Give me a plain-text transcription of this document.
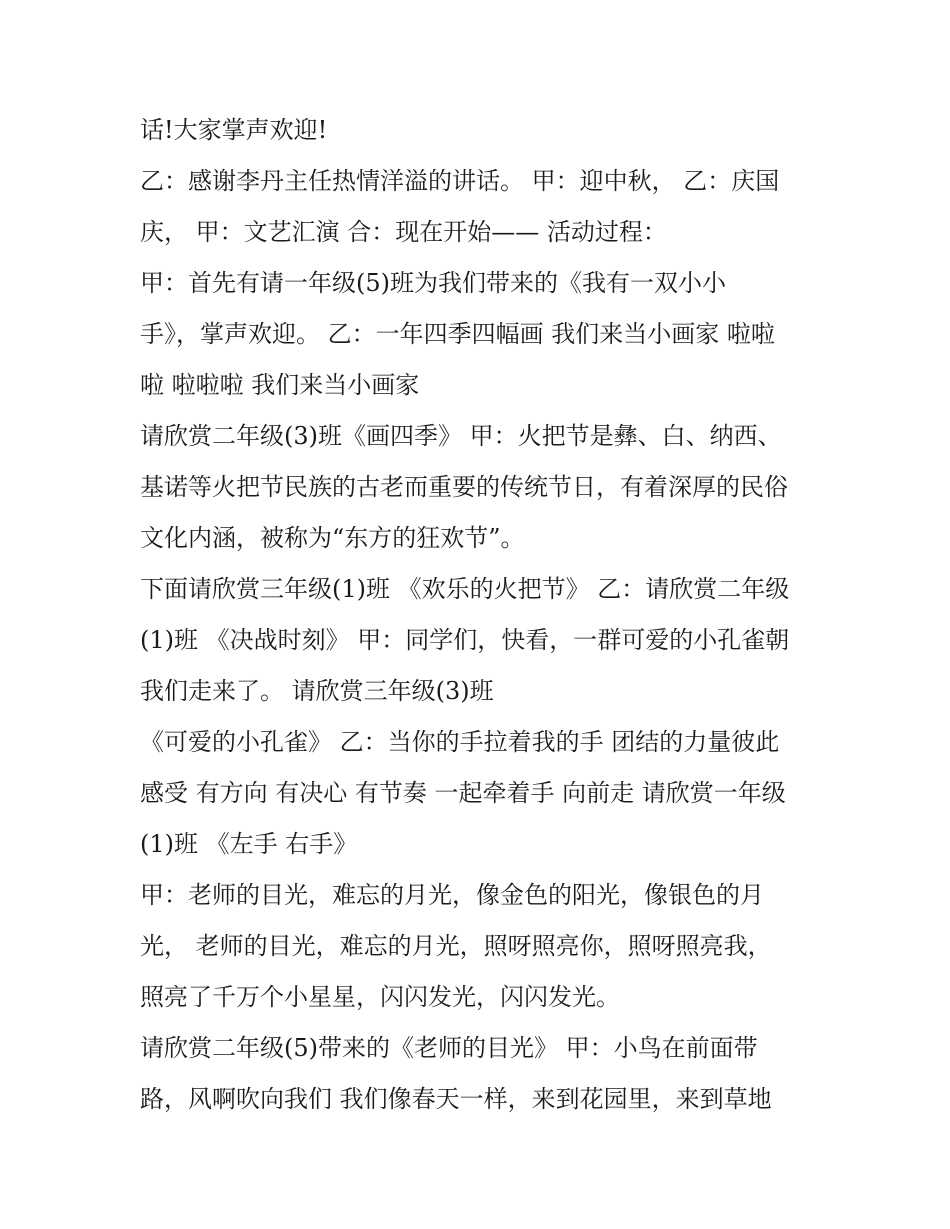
话!大家掌声欢迎!
乙：感谢李丹主任热情洋溢的讲话。 甲：迎中秋， 乙：庆国
庆， 甲：文艺汇演 合：现在开始—— 活动过程：
甲：首先有请一年级(5)班为我们带来的《我有一双小小
手》，掌声欢迎。 乙：一年四季四幅画 我们来当小画家 啦啦
啦 啦啦啦 我们来当小画家
请欣赏二年级(3)班《画四季》 甲：火把节是彝、白、纳西、
基诺等火把节民族的古老而重要的传统节日，有着深厚的民俗
文化内涵，被称为“东方的狂欢节”。
下面请欣赏三年级(1)班 《欢乐的火把节》 乙：请欣赏二年级
(1)班 《决战时刻》 甲：同学们，快看，一群可爱的小孔雀朝
我们走来了。 请欣赏三年级(3)班
《可爱的小孔雀》 乙：当你的手拉着我的手 团结的力量彼此
感受 有方向 有决心 有节奏 一起牵着手 向前走 请欣赏一年级
(1)班 《左手 右手》
甲：老师的目光，难忘的月光，像金色的阳光，像银色的月
光， 老师的目光，难忘的月光，照呀照亮你，照呀照亮我，
照亮了千万个小星星，闪闪发光，闪闪发光。
请欣赏二年级(5)带来的《老师的目光》 甲：小鸟在前面带
路，风啊吹向我们 我们像春天一样，来到花园里，来到草地
